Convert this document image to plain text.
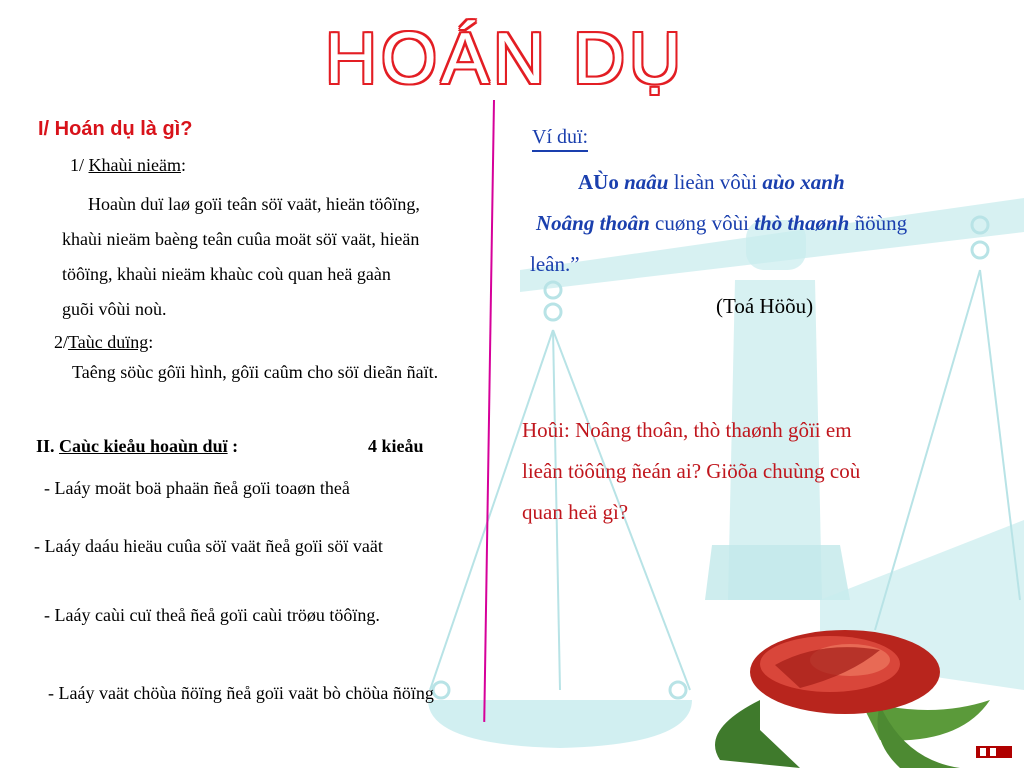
HOÁN DỤ
I/ Hoán dụ là gì?
1/ Khaùi nieäm:
Hoaùn duï laø goïi teân söï vaät, hieän töôïng,
khaùi nieäm baèng teân cuûa moät söï vaät, hieän
töôïng, khaùi nieäm khaùc coù quan heä gaàn
guõi vôùi noù.
2/Taùc duïng:
Taêng söùc gôïi hình, gôïi caûm cho söï dieãn ñaït.
II. Caùc kieåu hoaùn duï :	4 kieåu
- Laáy moät boä phaän ñeå goïi toaøn theå
- Laáy daáu hieäu cuûa söï vaät ñeå goïi söï vaät
- Laáy caùi cuï theå ñeå goïi caùi tröøu töôïng.
- Laáy vaät chöùa ñöïng ñeå goïi vaät bò chöùa ñöïng
Ví duï:
AÙo naâu lieàn vôùi aùo xanh
Noâng thoân cuøng vôùi thò thaønh ñöùng
leân.”
(Toá Höõu)
Hoûi: Noâng thoân, thò thaønh gôïi em
lieân töôûng ñeán ai? Giöõa chuùng coù
quan heä gì?
